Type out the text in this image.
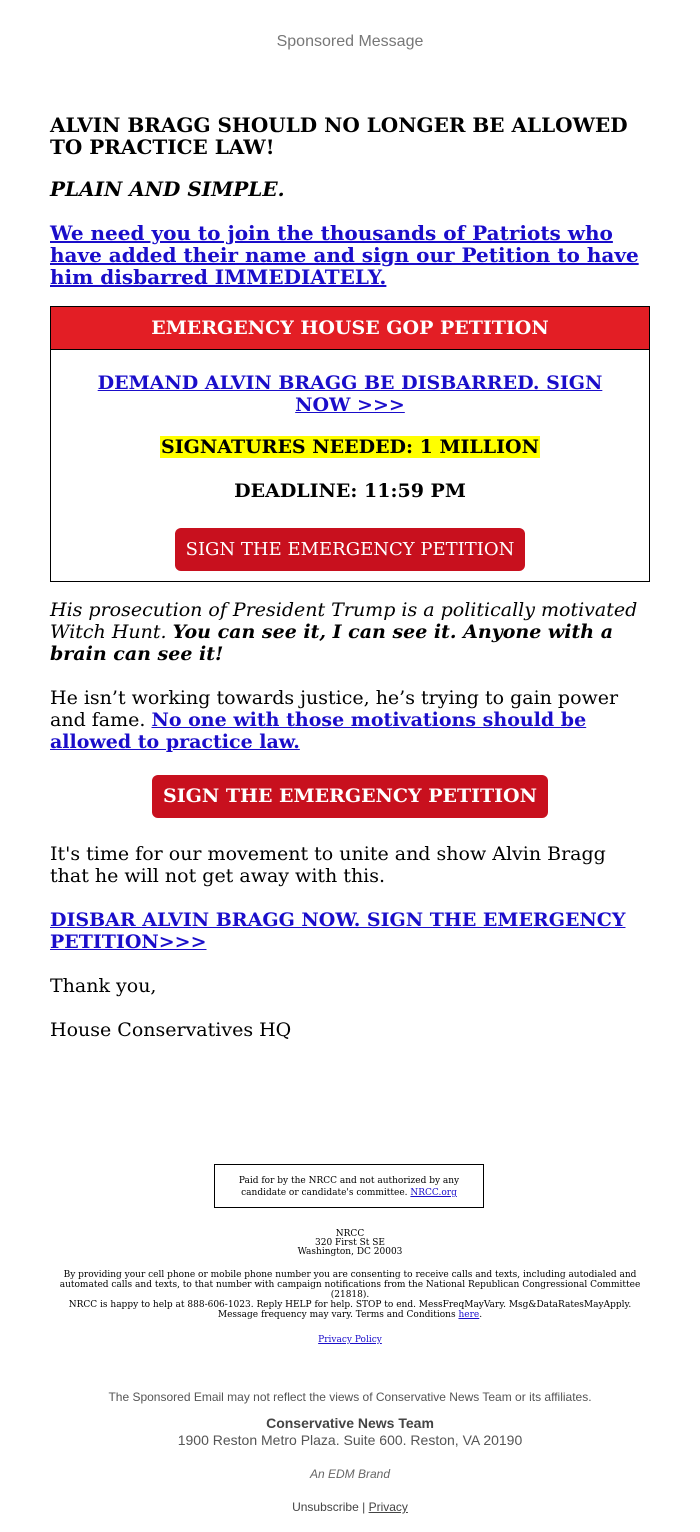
Sponsored Message
ALVIN BRAGG SHOULD NO LONGER BE ALLOWED TO PRACTICE LAW!
PLAIN AND SIMPLE.
We need you to join the thousands of Patriots who have added their name and sign our Petition to have him disbarred IMMEDIATELY.
EMERGENCY HOUSE GOP PETITION
DEMAND ALVIN BRAGG BE DISBARRED. SIGN NOW >>>
SIGNATURES NEEDED: 1 MILLION
DEADLINE: 11:59 PM
SIGN THE EMERGENCY PETITION

His prosecution of President Trump is a politically motivated Witch Hunt. You can see it, I can see it. Anyone with a brain can see it!

He isn’t working towards justice, he’s trying to gain power and fame. No one with those motivations should be allowed to practice law.

SIGN THE EMERGENCY PETITION

It's time for our movement to unite and show Alvin Bragg that he will not get away with this.

DISBAR ALVIN BRAGG NOW. SIGN THE EMERGENCY PETITION>>>

Thank you,

House Conservatives HQ

Paid for by the NRCC and not authorized by any candidate or candidate's committee. NRCC.org
NRCC
320 First St SE
Washington, DC 20003
By providing your cell phone or mobile phone number you are consenting to receive calls and texts, including autodialed and automated calls and texts, to that number with campaign notifications from the National Republican Congressional Committee (21818).
NRCC is happy to help at 888-606-1023. Reply HELP for help. STOP to end. MessFreqMayVary. Msg&DataRatesMayApply. Message frequency may vary. Terms and Conditions here.
Privacy Policy
The Sponsored Email may not reflect the views of Conservative News Team or its affiliates.
Conservative News Team
1900 Reston Metro Plaza. Suite 600. Reston, VA 20190
An EDM Brand
Unsubscribe | Privacy
